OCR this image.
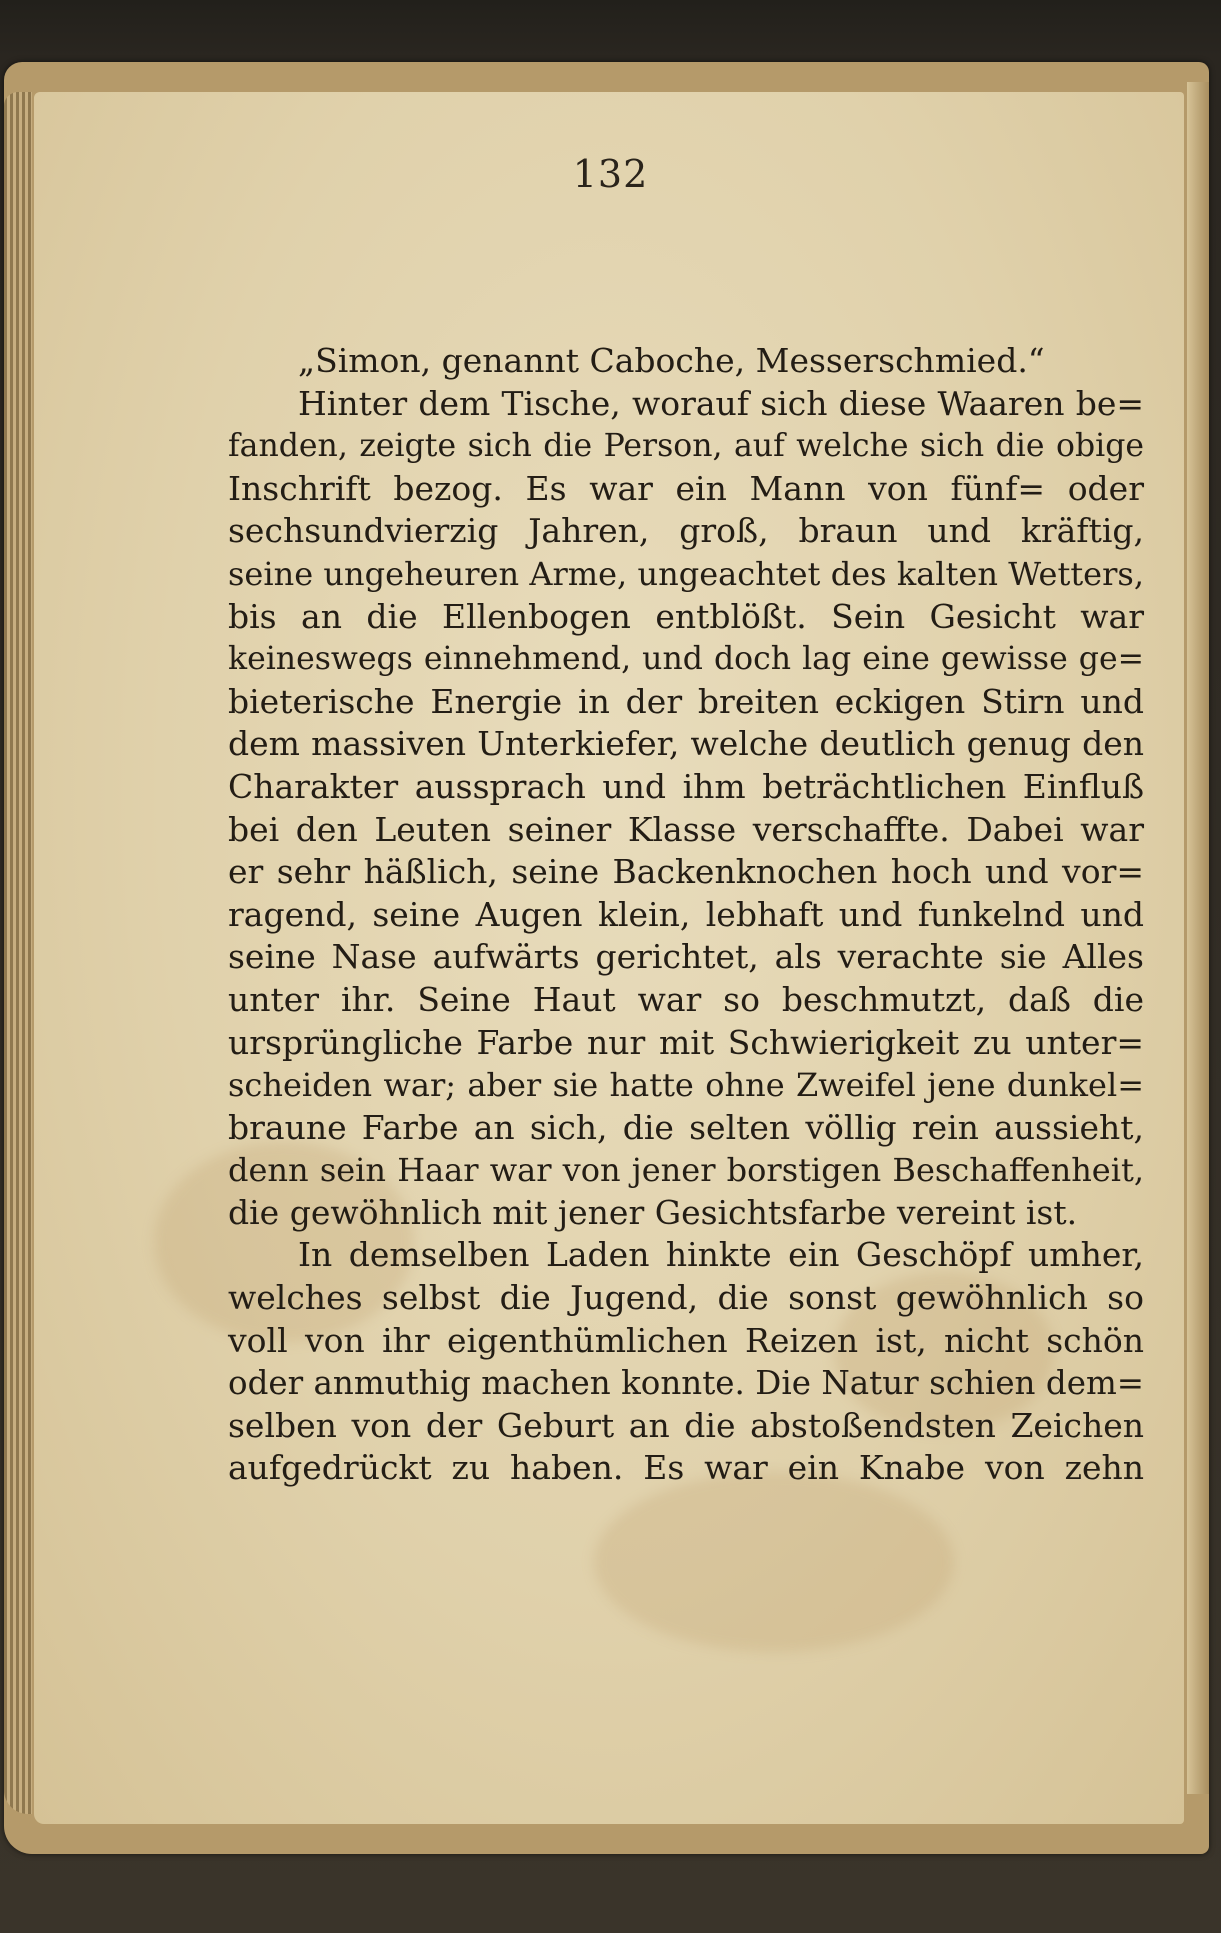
132
„Simon, genannt Caboche, Messerschmied.“
Hinter dem Tische, worauf sich diese Waaren be=
fanden, zeigte sich die Person, auf welche sich die obige
Inschrift bezog. Es war ein Mann von fünf= oder
sechsundvierzig Jahren, groß, braun und kräftig,
seine ungeheuren Arme, ungeachtet des kalten Wetters,
bis an die Ellenbogen entblößt. Sein Gesicht war
keineswegs einnehmend, und doch lag eine gewisse ge=
bieterische Energie in der breiten eckigen Stirn und
dem massiven Unterkiefer, welche deutlich genug den
Charakter aussprach und ihm beträchtlichen Einfluß
bei den Leuten seiner Klasse verschaffte. Dabei war
er sehr häßlich, seine Backenknochen hoch und vor=
ragend, seine Augen klein, lebhaft und funkelnd und
seine Nase aufwärts gerichtet, als verachte sie Alles
unter ihr. Seine Haut war so beschmutzt, daß die
ursprüngliche Farbe nur mit Schwierigkeit zu unter=
scheiden war; aber sie hatte ohne Zweifel jene dunkel=
braune Farbe an sich, die selten völlig rein aussieht,
denn sein Haar war von jener borstigen Beschaffenheit,
die gewöhnlich mit jener Gesichtsfarbe vereint ist.
In demselben Laden hinkte ein Geschöpf umher,
welches selbst die Jugend, die sonst gewöhnlich so
voll von ihr eigenthümlichen Reizen ist, nicht schön
oder anmuthig machen konnte. Die Natur schien dem=
selben von der Geburt an die abstoßendsten Zeichen
aufgedrückt zu haben. Es war ein Knabe von zehn
